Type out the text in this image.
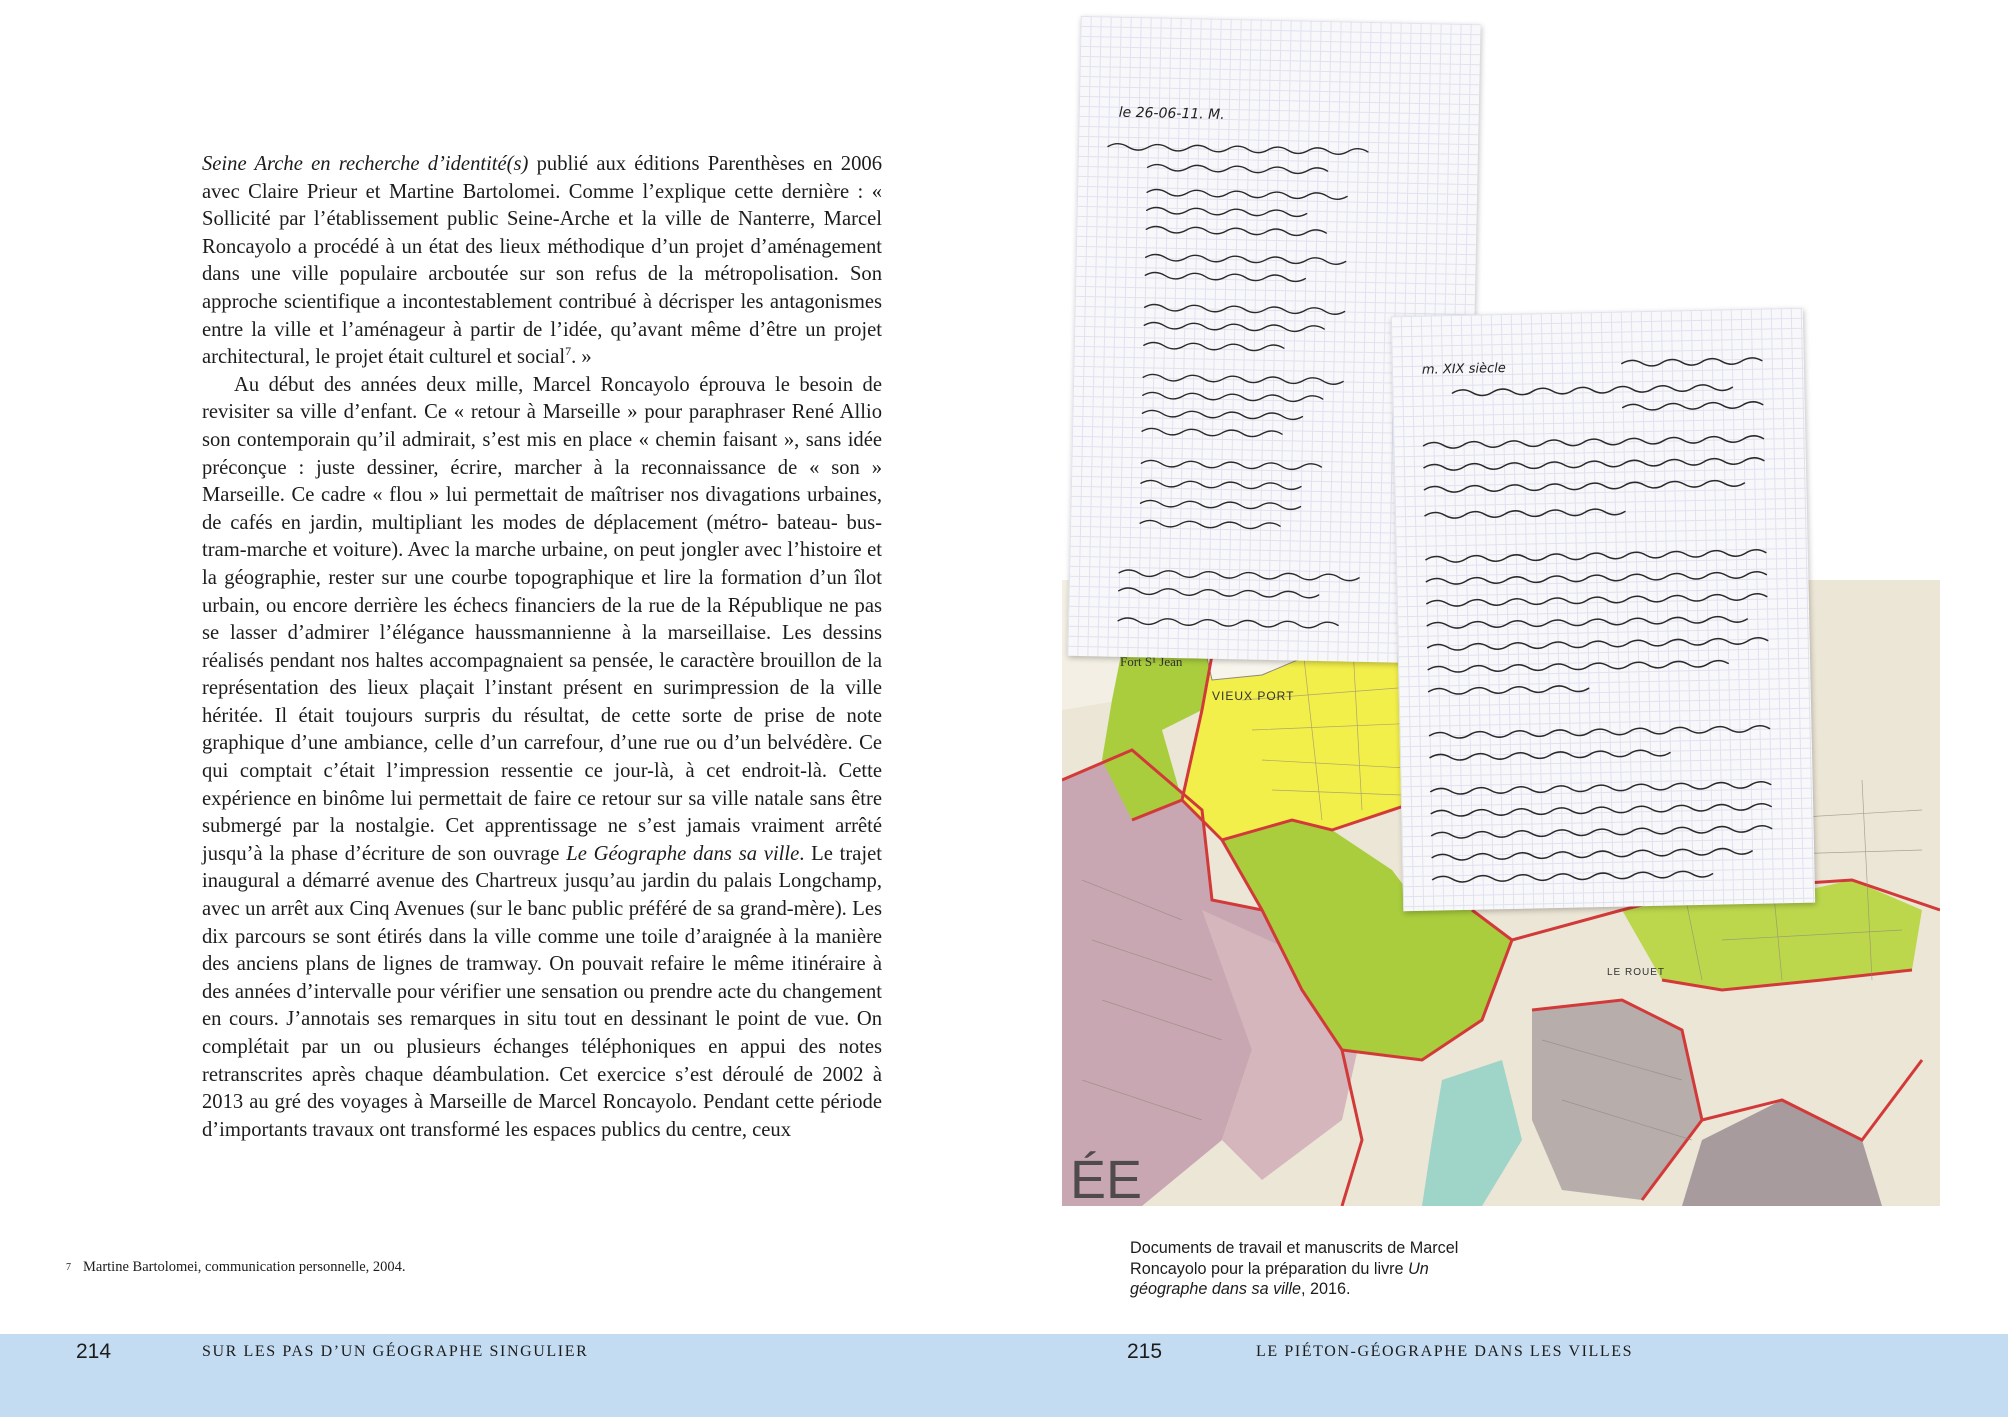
Seine Arche en recherche d’identité(s) publié aux éditions Parenthèses en 2006 avec Claire Prieur et Martine Bartolomei. Comme l’explique cette dernière : « Sollicité par l’établissement public Seine-Arche et la ville de Nanterre, Marcel Roncayolo a procédé à un état des lieux méthodique d’un projet d’aménagement dans une ville populaire arcboutée sur son refus de la métropolisation. Son approche scientifique a incontestablement contribué à décrisper les antagonismes entre la ville et l’aménageur à partir de l’idée, qu’avant même d’être un projet architectural, le projet était culturel et social$^7$. »

Au début des années deux mille, Marcel Roncayolo éprouva le besoin de revisiter sa ville d’enfant. Ce « retour à Marseille » pour paraphraser René Allio son contemporain qu’il admirait, s’est mis en place « chemin faisant », sans idée préconçue : juste dessiner, écrire, marcher à la reconnaissance de « son » Marseille. Ce cadre « flou » lui permettait de maîtriser nos divagations urbaines, de cafés en jardin, multipliant les modes de déplacement (métro- bateau- bus-tram-marche et voiture). Avec la marche urbaine, on peut jongler avec l’histoire et la géographie, rester sur une courbe topographique et lire la formation d’un îlot urbain, ou encore derrière les échecs financiers de la rue de la République ne pas se lasser d’admirer l’élégance haussmannienne à la marseillaise. Les dessins réalisés pendant nos haltes accompagnaient sa pensée, le caractère brouillon de la représentation des lieux plaçait l’instant présent en surimpression de la ville héritée. Il était toujours surpris du résultat, de cette sorte de prise de note graphique d’une ambiance, celle d’un carrefour, d’une rue ou d’un belvédère. Ce qui comptait c’était l’impression ressentie ce jour-là, à cet endroit-là. Cette expérience en binôme lui permettait de faire ce retour sur sa ville natale sans être submergé par la nostalgie. Cet apprentissage ne s’est jamais vraiment arrêté jusqu’à la phase d’écriture de son ouvrage Le Géographe dans sa ville. Le trajet inaugural a démarré avenue des Chartreux jusqu’au jardin du palais Longchamp, avec un arrêt aux Cinq Avenues (sur le banc public préféré de sa grand-mère). Les dix parcours se sont étirés dans la ville comme une toile d’araignée à la manière des anciens plans de lignes de tramway. On pouvait refaire le même itinéraire à des années d’intervalle pour vérifier une sensation ou prendre acte du changement en cours. J’annotais ses remarques in situ tout en dessinant le point de vue. On complétait par un ou plusieurs échanges téléphoniques en appui des notes retranscrites après chaque déambulation. Cet exercice s’est déroulé de 2002 à 2013 au gré des voyages à Marseille de Marcel Roncayolo. Pendant cette période d’importants travaux ont transformé les espaces publics du centre, ceux

$^7$ Martine Bartolomei, communication personnelle, 2004.
Fort S¹ Jean
VIEUX PORT
LE ROUET
ÉE
le 26-06-11. M.
m. XIX siècle
Documents de travail et manuscrits de Marcel Roncayolo pour la préparation du livre Un géographe dans sa ville, 2016.
214	SUR LES PAS D’UN GÉOGRAPHE SINGULIER	215	LE PIÉTON-GÉOGRAPHE DANS LES VILLES
